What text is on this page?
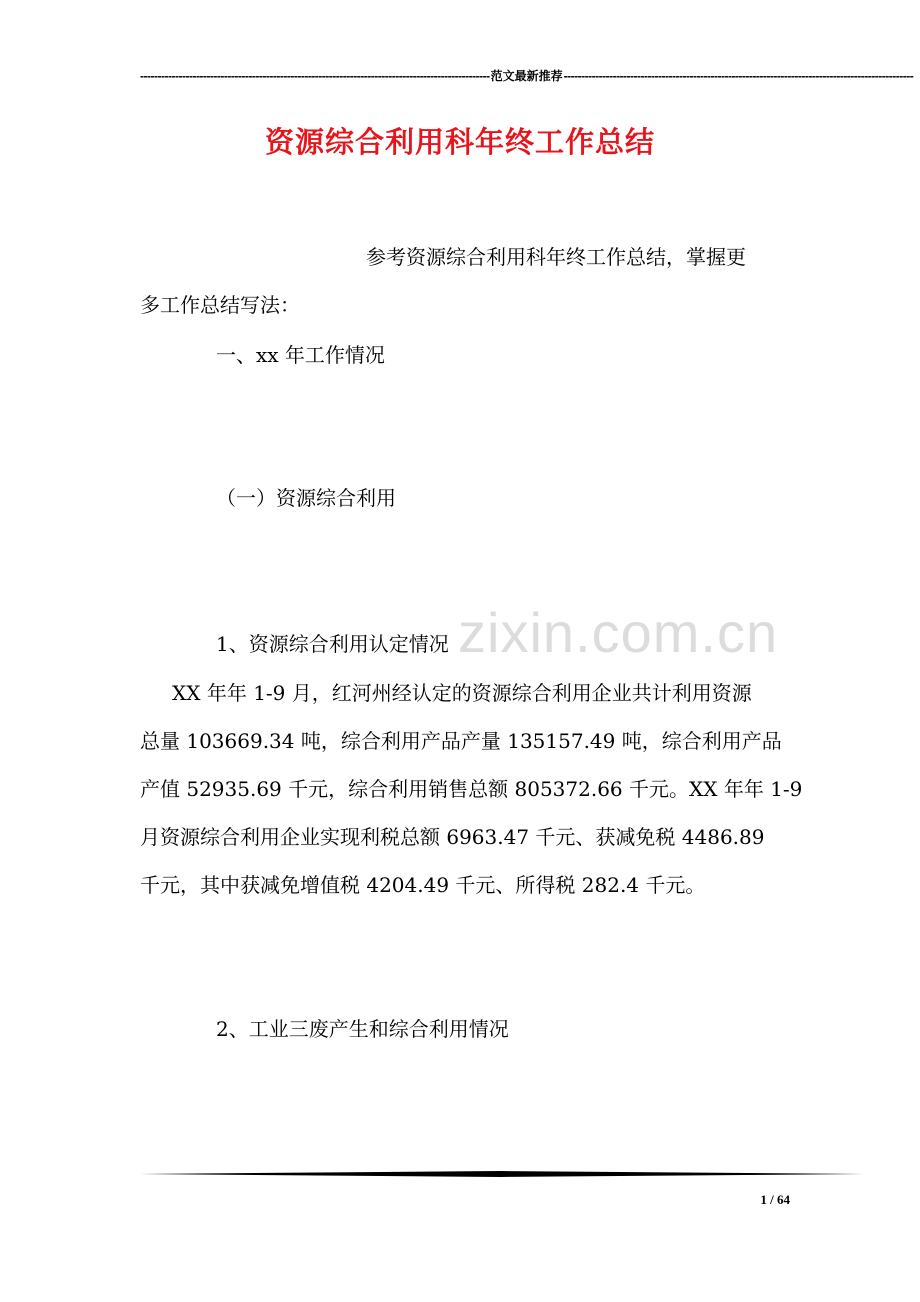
---------------------------------------------------------------------------------------------------- 范文最新推荐 ----------------------------------------------------------------------------------------------------
资源综合利用科年终工作总结
参考资源综合利用科年终工作总结，掌握更
多工作总结写法：
一、xx 年工作情况
（一）资源综合利用
zixin.com.cn
1、资源综合利用认定情况
XX 年年 1-9 月，红河州经认定的资源综合利用企业共计利用资源
总量 103669.34 吨，综合利用产品产量 135157.49 吨，综合利用产品
产值 52935.69 千元，综合利用销售总额 805372.66 千元。XX 年年 1-9
月资源综合利用企业实现利税总额 6963.47 千元、获减免税 4486.89
千元，其中获减免增值税 4204.49 千元、所得税 282.4 千元。
2、工业三废产生和综合利用情况
1 / 64
